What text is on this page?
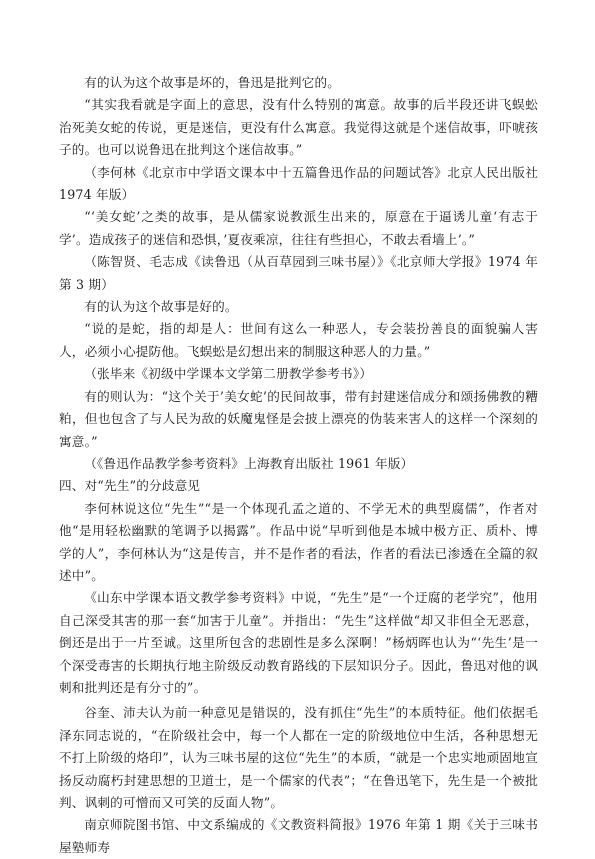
有的认为这个故事是坏的，鲁迅是批判它的。

“其实我看就是字面上的意思，没有什么特别的寓意。故事的后半段还讲飞蜈蚣治死美女蛇的传说，更是迷信，更没有什么寓意。我觉得这就是个迷信故事，吓唬孩子的。也可以说鲁迅在批判这个迷信故事。”

（李何林《北京市中学语文课本中十五篇鲁迅作品的问题试答》北京人民出版社 1974 年版）

“‘美女蛇’之类的故事，是从儒家说教派生出来的，原意在于逼诱儿童‘有志于学’。造成孩子的迷信和恐惧，’夏夜乘凉，往往有些担心，不敢去看墙上’。”

（陈智贤、毛志成《读鲁迅（从百草园到三味书屋）》《北京师大学报》1974 年第 3 期）

有的认为这个故事是好的。

“说的是蛇，指的却是人：世间有这么一种恶人，专会装扮善良的面貌骗人害人，必须小心提防他。飞蜈蚣是幻想出来的制服这种恶人的力量。”

（张毕来《初级中学课本文学第二册教学参考书》）

有的则认为：“这个关于’美女蛇’的民间故事，带有封建迷信成分和颂扬佛教的糟粕，但也包含了与人民为敌的妖魔鬼怪是会披上漂亮的伪装来害人的这样一个深刻的寓意。”

（《鲁迅作品教学参考资料》上海教育出版社 1961 年版）

四、对“先生”的分歧意见

李何林说这位“先生”“是一个体现孔孟之道的、不学无术的典型腐儒”，作者对他“是用轻松幽默的笔调予以揭露”。作品中说“早听到他是本城中极方正、质朴、博学的人”，李何林认为“这是传言，并不是作者的看法，作者的看法已渗透在全篇的叙述中”。

《山东中学课本语文教学参考资料》中说，“先生”是“一个迂腐的老学究”，他用自己深受其害的那一套“加害于儿童”。并指出：“先生”这样做“却又非但全无恶意，倒还是出于一片至诚。这里所包含的悲剧性是多么深啊！”杨炳晖也认为“‘先生’是一个深受毒害的长期执行地主阶级反动教育路线的下层知识分子。因此，鲁迅对他的讽刺和批判还是有分寸的”。

谷奎、沛夫认为前一种意见是错误的，没有抓住“先生”的本质特征。他们依据毛泽东同志说的，“在阶级社会中，每一个人都在一定的阶级地位中生活，各种思想无不打上阶级的烙印”，认为三味书屋的这位“先生”的本质，“就是一个忠实地顽固地宣扬反动腐朽封建思想的卫道士，是一个儒家的代表”；“在鲁迅笔下，先生是一个被批判、讽刺的可憎而又可笑的反面人物”。

南京师院图书馆、中文系编成的《文教资料简报》1976 年第 1 期《关于三味书屋塾师寿
